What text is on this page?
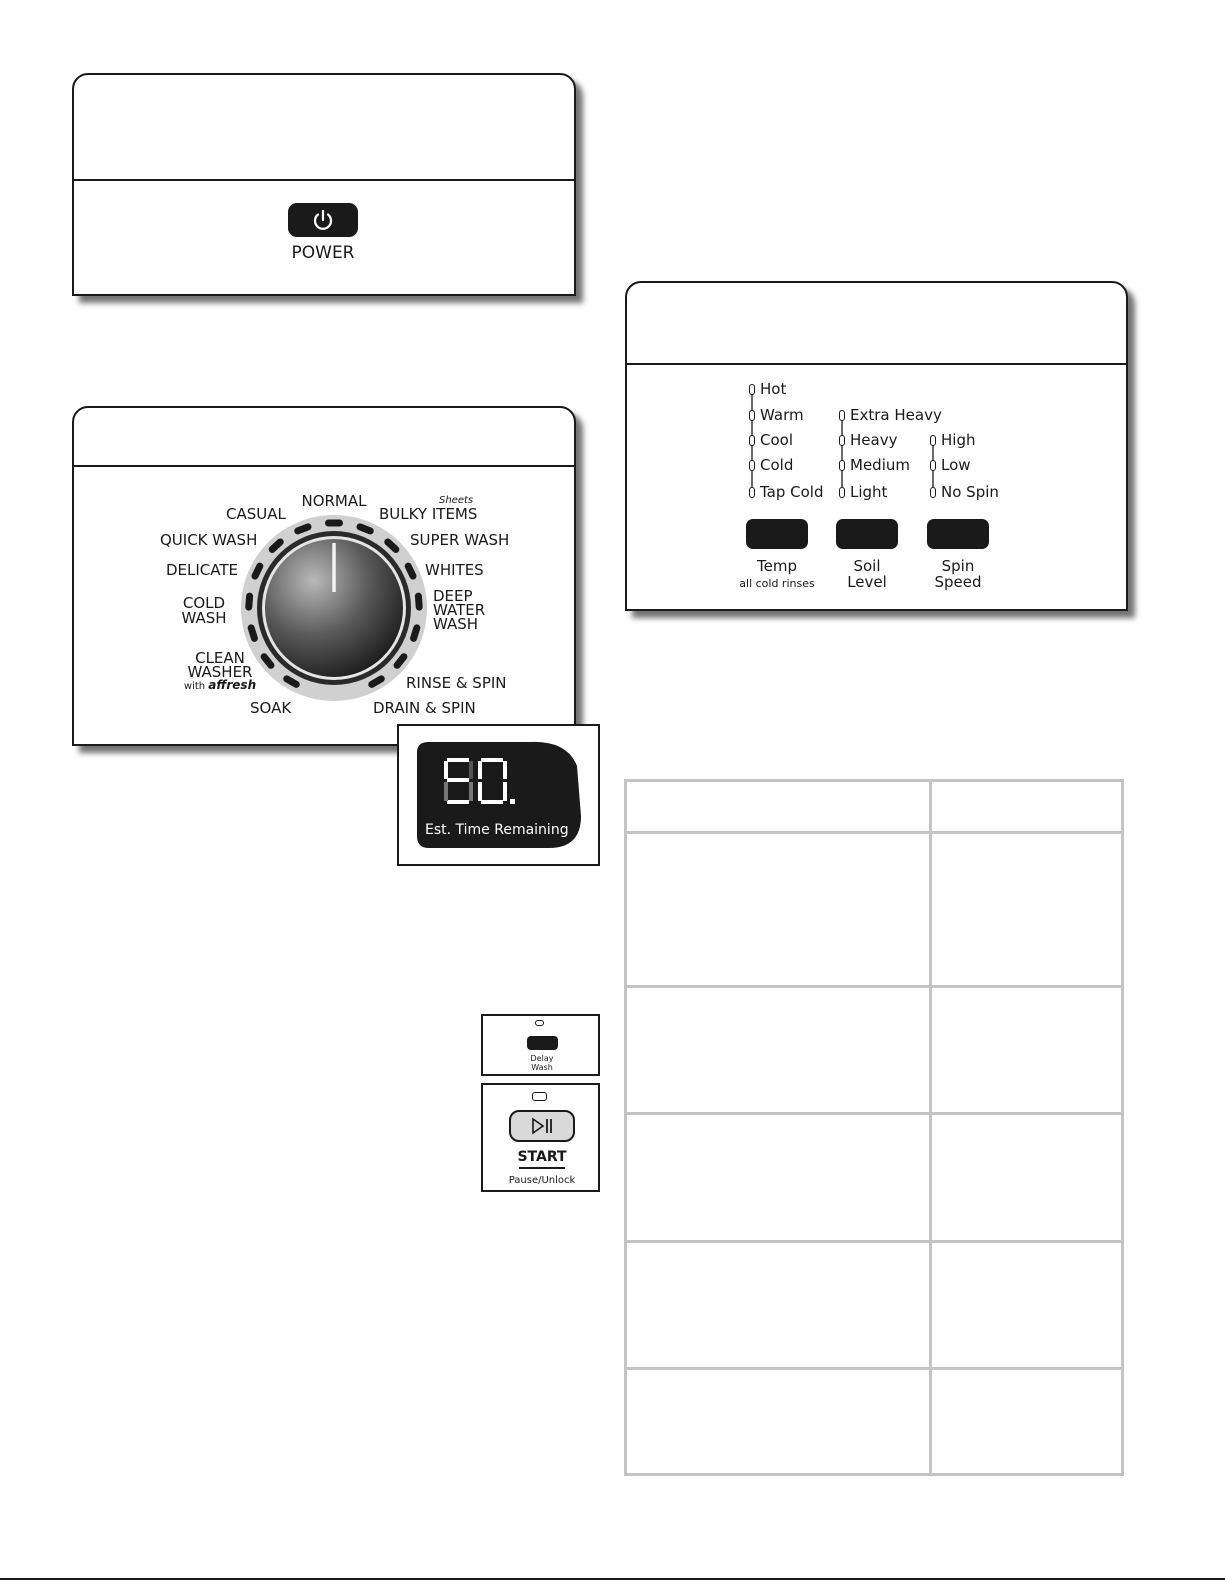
POWER
NORMAL
CASUAL
Sheets
BULKY ITEMS
QUICK WASH	SUPER WASH
DELICATE	WHITES
COLD
WASH
DEEP
WATER
WASH
CLEAN
WASHER
with affresh	RINSE & SPIN
SOAK	DRAIN & SPIN
Est. Time Remaining
Delay
Wash
START
Pause/Unlock
Hot
Warm
Cool
Cold
Tap Cold
Temp
all cold rinses
Extra Heavy
Heavy
Medium
Light
Soil
Level
High
Low
No Spin
Spin
Speed
